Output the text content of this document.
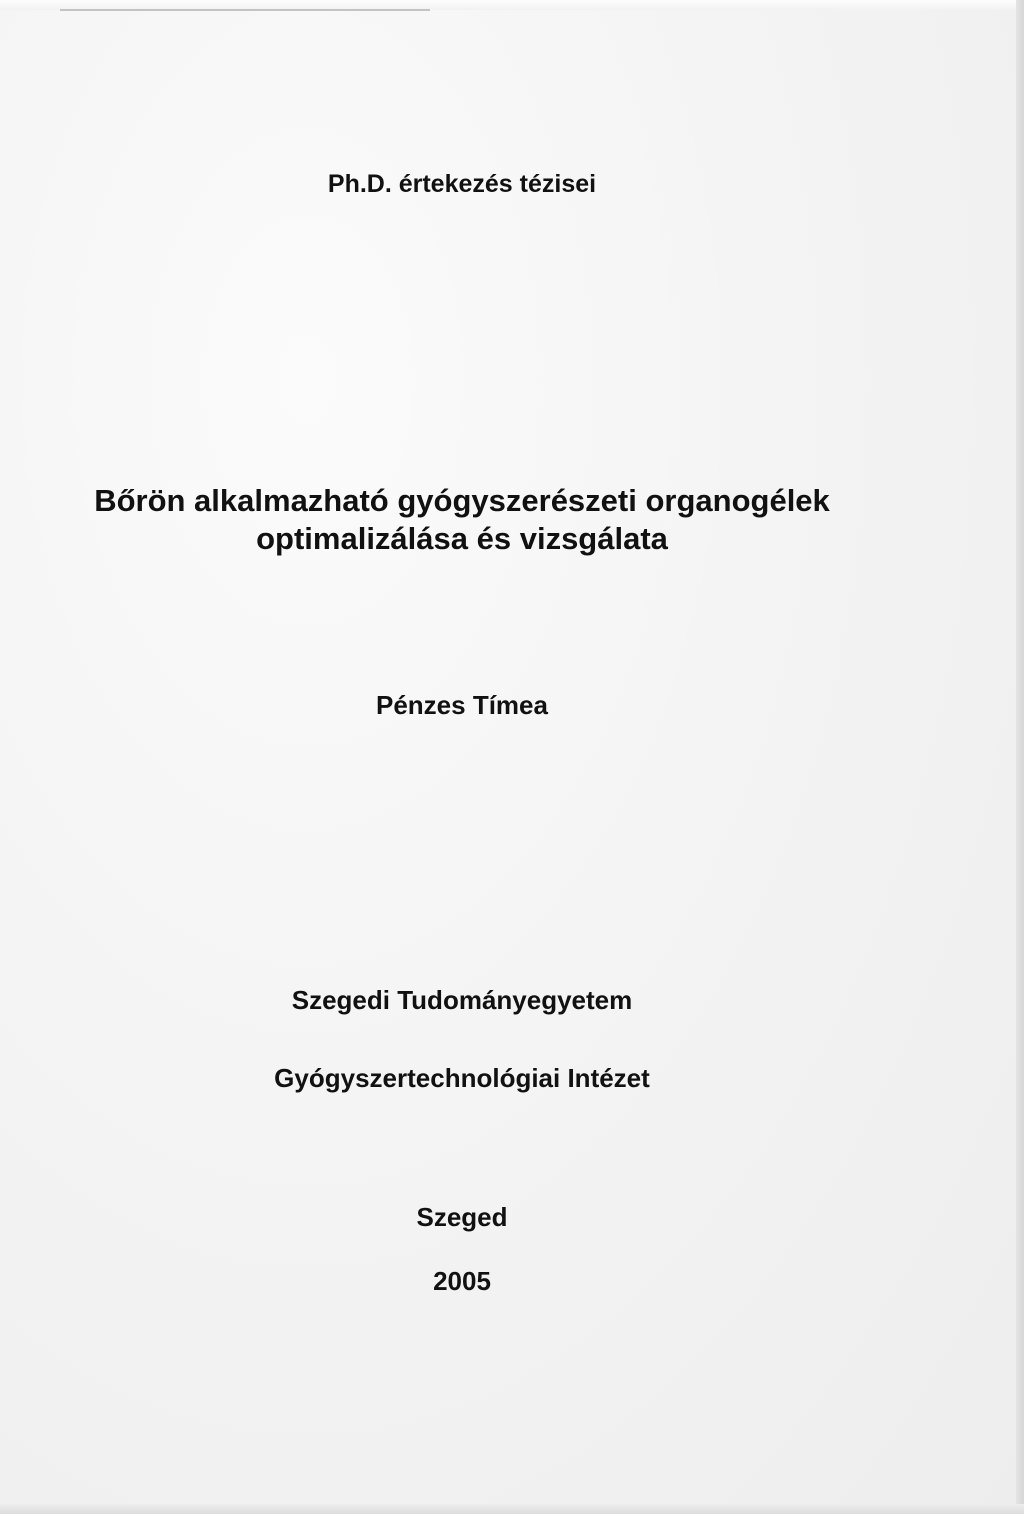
Ph.D. értekezés tézisei
Bőrön alkalmazható gyógyszerészeti organogélek
optimalizálása és vizsgálata
Pénzes Tímea
Szegedi Tudományegyetem
Gyógyszertechnológiai Intézet
Szeged
2005
